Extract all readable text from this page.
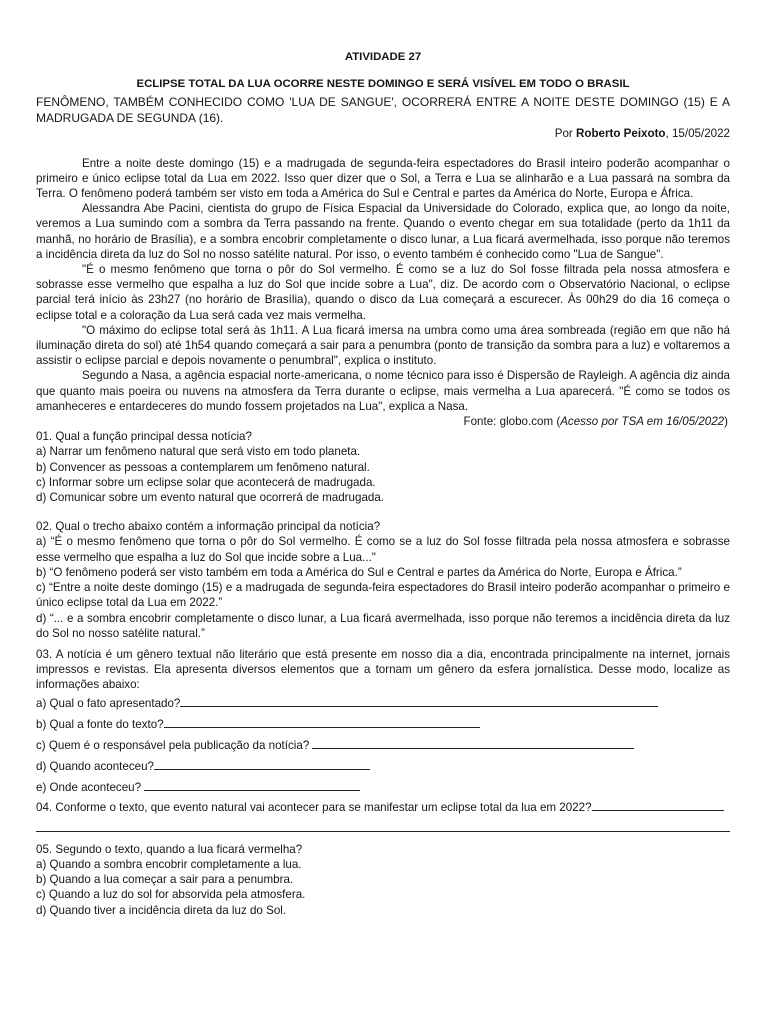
ATIVIDADE 27

ECLIPSE TOTAL DA LUA OCORRE NESTE DOMINGO E SERÁ VISÍVEL EM TODO O BRASIL

FENÔMENO, TAMBÉM CONHECIDO COMO 'LUA DE SANGUE', OCORRERÁ ENTRE A NOITE DESTE DOMINGO (15) E A MADRUGADA DE SEGUNDA (16).

Por Roberto Peixoto, 15/05/2022

Entre a noite deste domingo (15) e a madrugada de segunda-feira espectadores do Brasil inteiro poderão acompanhar o primeiro e único eclipse total da Lua em 2022. Isso quer dizer que o Sol, a Terra e Lua se alinharão e a Lua passará na sombra da Terra. O fenômeno poderá também ser visto em toda a América do Sul e Central e partes da América do Norte, Europa e África.

Alessandra Abe Pacini, cientista do grupo de Física Espacial da Universidade do Colorado, explica que, ao longo da noite, veremos a Lua sumindo com a sombra da Terra passando na frente. Quando o evento chegar em sua totalidade (perto da 1h11 da manhã, no horário de Brasília), e a sombra encobrir completamente o disco lunar, a Lua ficará avermelhada, isso porque não teremos a incidência direta da luz do Sol no nosso satélite natural. Por isso, o evento também é conhecido como "Lua de Sangue".

"É o mesmo fenômeno que torna o pôr do Sol vermelho. É como se a luz do Sol fosse filtrada pela nossa atmosfera e sobrasse esse vermelho que espalha a luz do Sol que incide sobre a Lua", diz. De acordo com o Observatório Nacional, o eclipse parcial terá início às 23h27 (no horário de Brasília), quando o disco da Lua começará a escurecer. Às 00h29 do dia 16 começa o eclipse total e a coloração da Lua será cada vez mais vermelha.

"O máximo do eclipse total será às 1h11. A Lua ficará imersa na umbra como uma área sombreada (região em que não há iluminação direta do sol) até 1h54 quando começará a sair para a penumbra (ponto de transição da sombra para a luz) e voltaremos a assistir o eclipse parcial e depois novamente o penumbral", explica o instituto.

Segundo a Nasa, a agência espacial norte-americana, o nome técnico para isso é Dispersão de Rayleigh. A agência diz ainda que quanto mais poeira ou nuvens na atmosfera da Terra durante o eclipse, mais vermelha a Lua aparecerá. "É como se todos os amanheceres e entardeceres do mundo fossem projetados na Lua", explica a Nasa.

Fonte: globo.com (Acesso por TSA em 16/05/2022)

01. Qual a função principal dessa notícia?

a) Narrar um fenômeno natural que será visto em todo planeta.

b) Convencer as pessoas a contemplarem um fenômeno natural.

c) Informar sobre um eclipse solar que acontecerá de madrugada.

d) Comunicar sobre um evento natural que ocorrerá de madrugada.

02. Qual o trecho abaixo contém a informação principal da notícia?

a) “É o mesmo fenômeno que torna o pôr do Sol vermelho. É como se a luz do Sol fosse filtrada pela nossa atmosfera e sobrasse esse vermelho que espalha a luz do Sol que incide sobre a Lua..."

b) “O fenômeno poderá ser visto também em toda a América do Sul e Central e partes da América do Norte, Europa e África.”

c) “Entre a noite deste domingo (15) e a madrugada de segunda-feira espectadores do Brasil inteiro poderão acompanhar o primeiro e único eclipse total da Lua em 2022.”

d) “... e a sombra encobrir completamente o disco lunar, a Lua ficará avermelhada, isso porque não teremos a incidência direta da luz do Sol no nosso satélite natural.”

03. A notícia é um gênero textual não literário que está presente em nosso dia a dia, encontrada principalmente na internet, jornais impressos e revistas. Ela apresenta diversos elementos que a tornam um gênero da esfera jornalística. Desse modo, localize as informações abaixo:

a) Qual o fato apresentado?

b) Qual a fonte do texto?

c) Quem é o responsável pela publicação da notícia?

d) Quando aconteceu?

e) Onde aconteceu?

04. Conforme o texto, que evento natural vai acontecer para se manifestar um eclipse total da lua em 2022?

05. Segundo o texto, quando a lua ficará vermelha?

a) Quando a sombra encobrir completamente a lua.

b) Quando a lua começar a sair para a penumbra.

c) Quando a luz do sol for absorvida pela atmosfera.

d) Quando tiver a incidência direta da luz do Sol.
